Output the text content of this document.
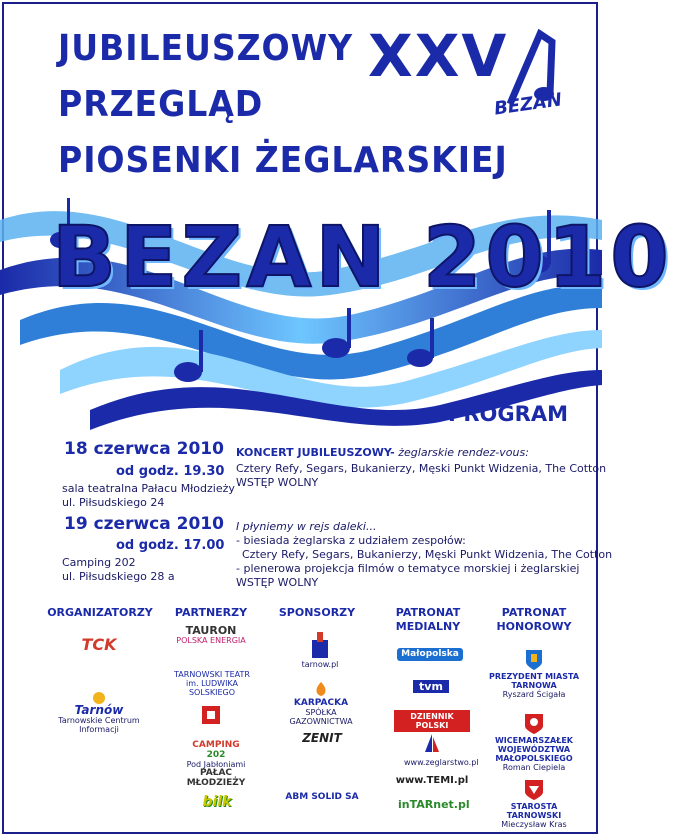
JUBILEUSZOWY
PRZEGLĄD
PIOSENKI ŻEGLARSKIEJ
XXV
BEZAN
BEZAN 2010
PROGRAM
18 czerwca 2010
od godz. 19.30
sala teatralna Pałacu Młodzieży
ul. Piłsudskiego 24
KONCERT JUBILEUSZOWY- żeglarskie rendez-vous:
Cztery Refy, Segars, Bukanierzy, Męski Punkt Widzenia, The Cotton
WSTĘP WOLNY
19 czerwca 2010
od godz. 17.00
Camping 202
ul. Piłsudskiego 28 a
I płyniemy w rejs daleki...
- biesiada żeglarska z udziałem zespołów:
Cztery Refy, Segars, Bukanierzy, Męski Punkt Widzenia, The Cotton
- plenerowa projekcja filmów o tematyce morskiej i żeglarskiej
WSTĘP WOLNY
ORGANIZATORZY	PARTNERZY	SPONSORZY	PATRONAT MEDIALNY
PATRONAT HONOROWY
TCK
Tarnów
Tarnowskie Centrum Informacji
TAURON
POLSKA ENERGIA
TARNOWSKI TEATR im. LUDWIKA SOLSKIEGO
CAMPING 202
Pod Jabłoniami
PAŁAC MŁODZIEŻY
bilk
tarnow.pl
KARPACKA
SPÓŁKA GAZOWNICTWA
ZENIT
ABM SOLID SA
Małopolska
tvm
DZIENNIK POLSKI
www.zeglarstwo.pl
www.TEMI.pl
inTARnet.pl
PREZYDENT MIASTA TARNOWA
Ryszard Ścigała
WICEMARSZAŁEK WOJEWÓDZTWA MAŁOPOLSKIEGO
Roman Ciepiela
STAROSTA TARNOWSKI
Mieczysław Kras
